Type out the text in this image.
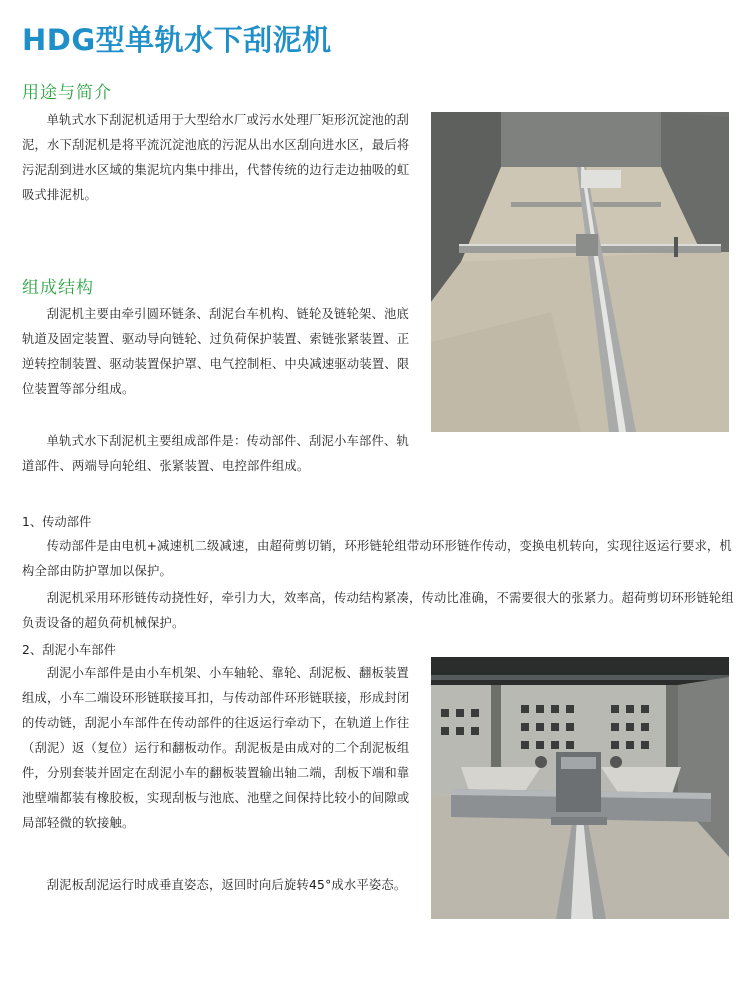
HDG型单轨水下刮泥机
用途与简介

单轨式水下刮泥机适用于大型给水厂或污水处理厂矩形沉淀池的刮泥，水下刮泥机是将平流沉淀池底的污泥从出水区刮向进水区，最后将污泥刮到进水区域的集泥坑内集中排出，代替传统的边行走边抽吸的虹吸式排泥机。

组成结构

刮泥机主要由牵引圆环链条、刮泥台车机构、链轮及链轮架、池底轨道及固定装置、驱动导向链轮、过负荷保护装置、索链张紧装置、正逆转控制装置、驱动装置保护罩、电气控制柜、中央减速驱动装置、限位装置等部分组成。

单轨式水下刮泥机主要组成部件是：传动部件、刮泥小车部件、轨道部件、两端导向轮组、张紧装置、电控部件组成。

1、传动部件

传动部件是由电机+减速机二级减速，由超荷剪切销，环形链轮组带动环形链作传动，变换电机转向，实现往返运行要求，机构全部由防护罩加以保护。

刮泥机采用环形链传动挠性好，牵引力大，效率高，传动结构紧凑，传动比准确，不需要很大的张紧力。超荷剪切环形链轮组负责设备的超负荷机械保护。

2、刮泥小车部件

刮泥小车部件是由小车机架、小车轴轮、靠轮、刮泥板、翻板装置组成，小车二端设环形链联接耳扣，与传动部件环形链联接，形成封闭的传动链，刮泥小车部件在传动部件的往返运行牵动下，在轨道上作往（刮泥）返（复位）运行和翻板动作。刮泥板是由成对的二个刮泥板组件，分别套装并固定在刮泥小车的翻板装置输出轴二端，刮板下端和靠池壁端都装有橡胶板，实现刮板与池底、池壁之间保持比较小的间隙或局部轻微的软接触。

刮泥板刮泥运行时成垂直姿态，返回时向后旋转45°成水平姿态。
